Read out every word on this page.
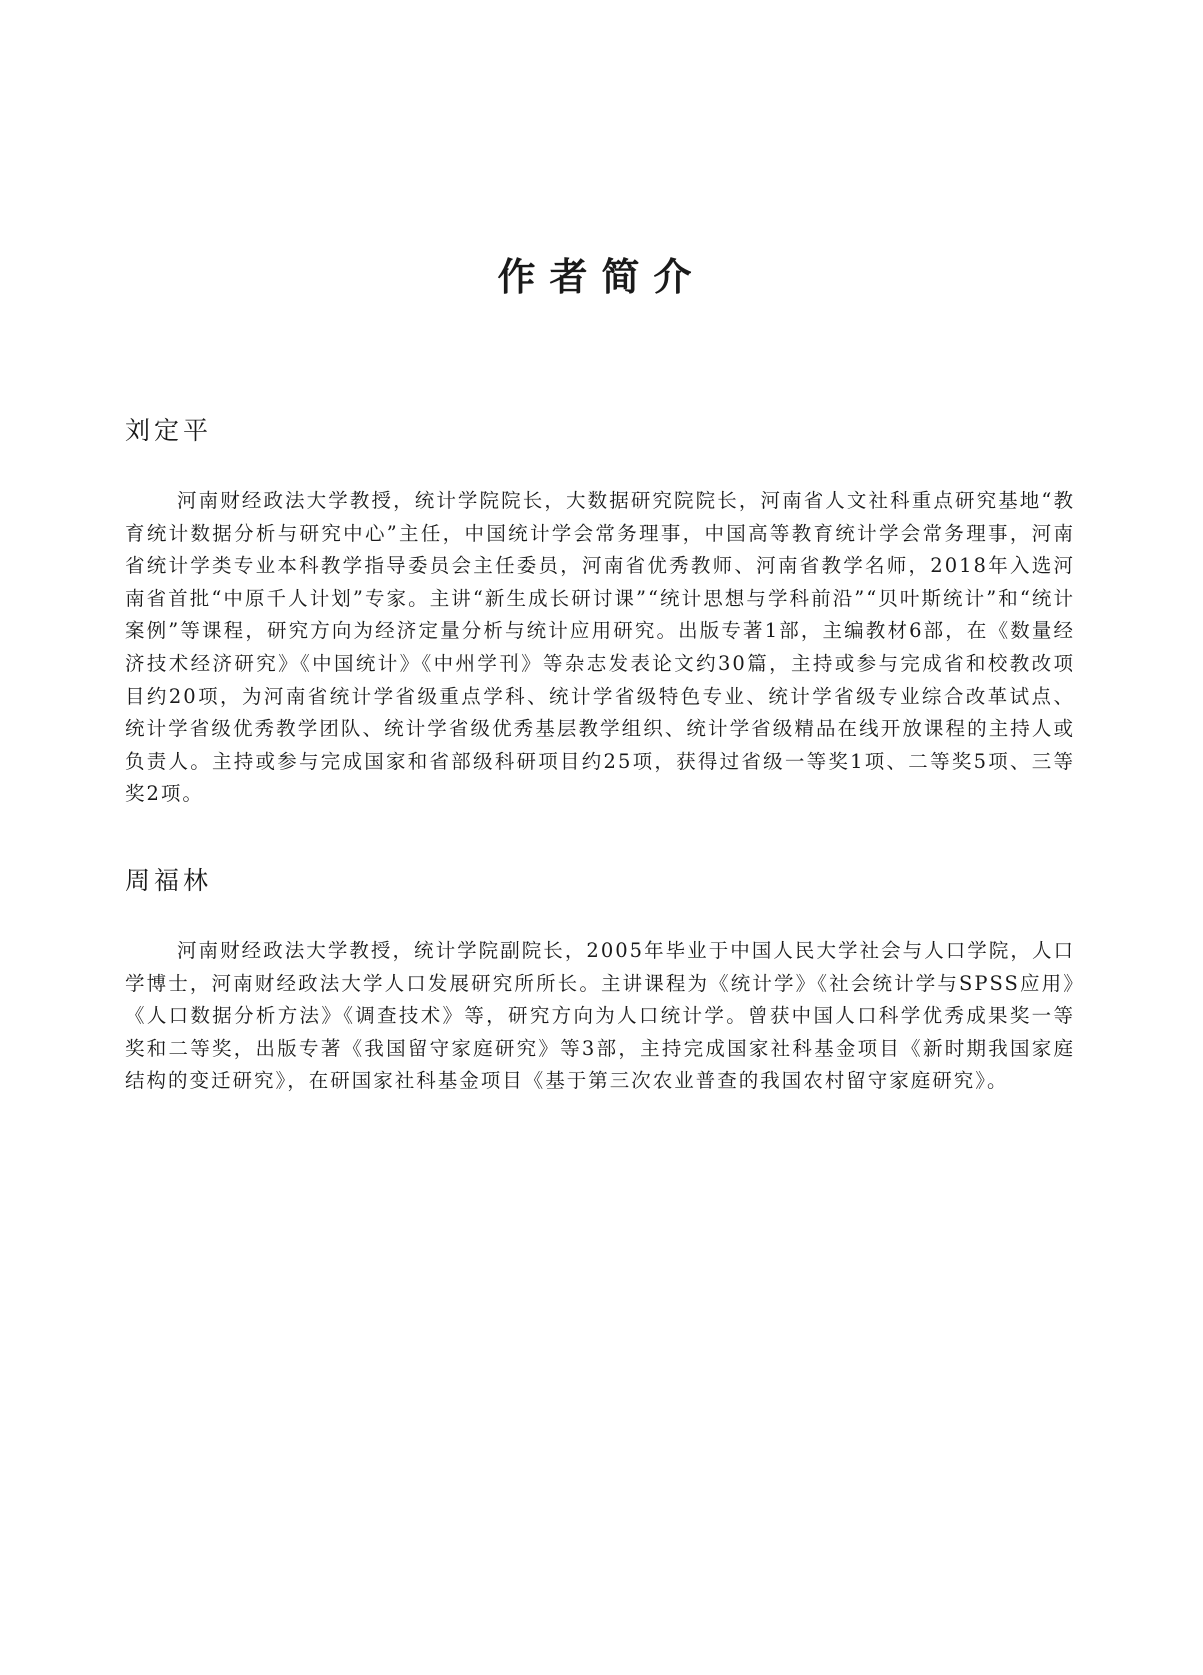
作者简介
刘定平

河南财经政法大学教授，统计学院院长，大数据研究院院长，河南省人文社科重点研究基地“教育统计数据分析与研究中心”主任，中国统计学会常务理事，中国高等教育统计学会常务理事，河南省统计学类专业本科教学指导委员会主任委员，河南省优秀教师、河南省教学名师，2018年入选河南省首批“中原千人计划”专家。主讲“新生成长研讨课”“统计思想与学科前沿”“贝叶斯统计”和“统计案例”等课程，研究方向为经济定量分析与统计应用研究。出版专著1部，主编教材6部，在《数量经济技术经济研究》《中国统计》《中州学刊》等杂志发表论文约30篇，主持或参与完成省和校教改项目约20项，为河南省统计学省级重点学科、统计学省级特色专业、统计学省级专业综合改革试点、统计学省级优秀教学团队、统计学省级优秀基层教学组织、统计学省级精品在线开放课程的主持人或负责人。主持或参与完成国家和省部级科研项目约25项，获得过省级一等奖1项、二等奖5项、三等奖2项。

周福林

河南财经政法大学教授，统计学院副院长，2005年毕业于中国人民大学社会与人口学院，人口学博士，河南财经政法大学人口发展研究所所长。主讲课程为《统计学》《社会统计学与SPSS应用》《人口数据分析方法》《调查技术》等，研究方向为人口统计学。曾获中国人口科学优秀成果奖一等奖和二等奖，出版专著《我国留守家庭研究》等3部，主持完成国家社科基金项目《新时期我国家庭结构的变迁研究》，在研国家社科基金项目《基于第三次农业普查的我国农村留守家庭研究》。
